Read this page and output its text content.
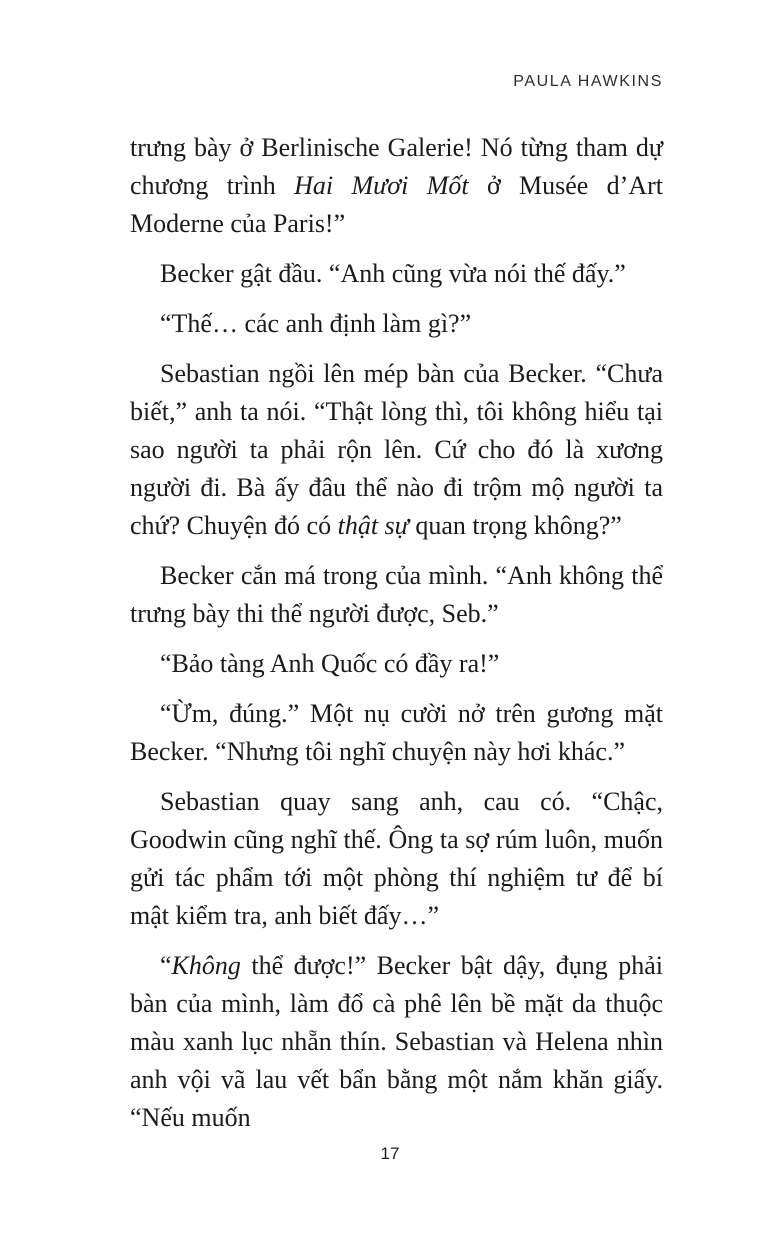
PAULA HAWKINS

trưng bày ở Berlinische Galerie! Nó từng tham dự chương trình Hai Mươi Mốt ở Musée d’Art Moderne của Paris!”

Becker gật đầu. “Anh cũng vừa nói thế đấy.”

“Thế… các anh định làm gì?”

Sebastian ngồi lên mép bàn của Becker. “Chưa biết,” anh ta nói. “Thật lòng thì, tôi không hiểu tại sao người ta phải rộn lên. Cứ cho đó là xương người đi. Bà ấy đâu thể nào đi trộm mộ người ta chứ? Chuyện đó có thật sự quan trọng không?”

Becker cắn má trong của mình. “Anh không thể trưng bày thi thể người được, Seb.”

“Bảo tàng Anh Quốc có đầy ra!”

“Ừm, đúng.” Một nụ cười nở trên gương mặt Becker. “Nhưng tôi nghĩ chuyện này hơi khác.”

Sebastian quay sang anh, cau có. “Chậc, Goodwin cũng nghĩ thế. Ông ta sợ rúm luôn, muốn gửi tác phẩm tới một phòng thí nghiệm tư để bí mật kiểm tra, anh biết đấy…”

“Không thể được!” Becker bật dậy, đụng phải bàn của mình, làm đổ cà phê lên bề mặt da thuộc màu xanh lục nhẵn thín. Sebastian và Helena nhìn anh vội vã lau vết bẩn bằng một nắm khăn giấy. “Nếu muốn

17
